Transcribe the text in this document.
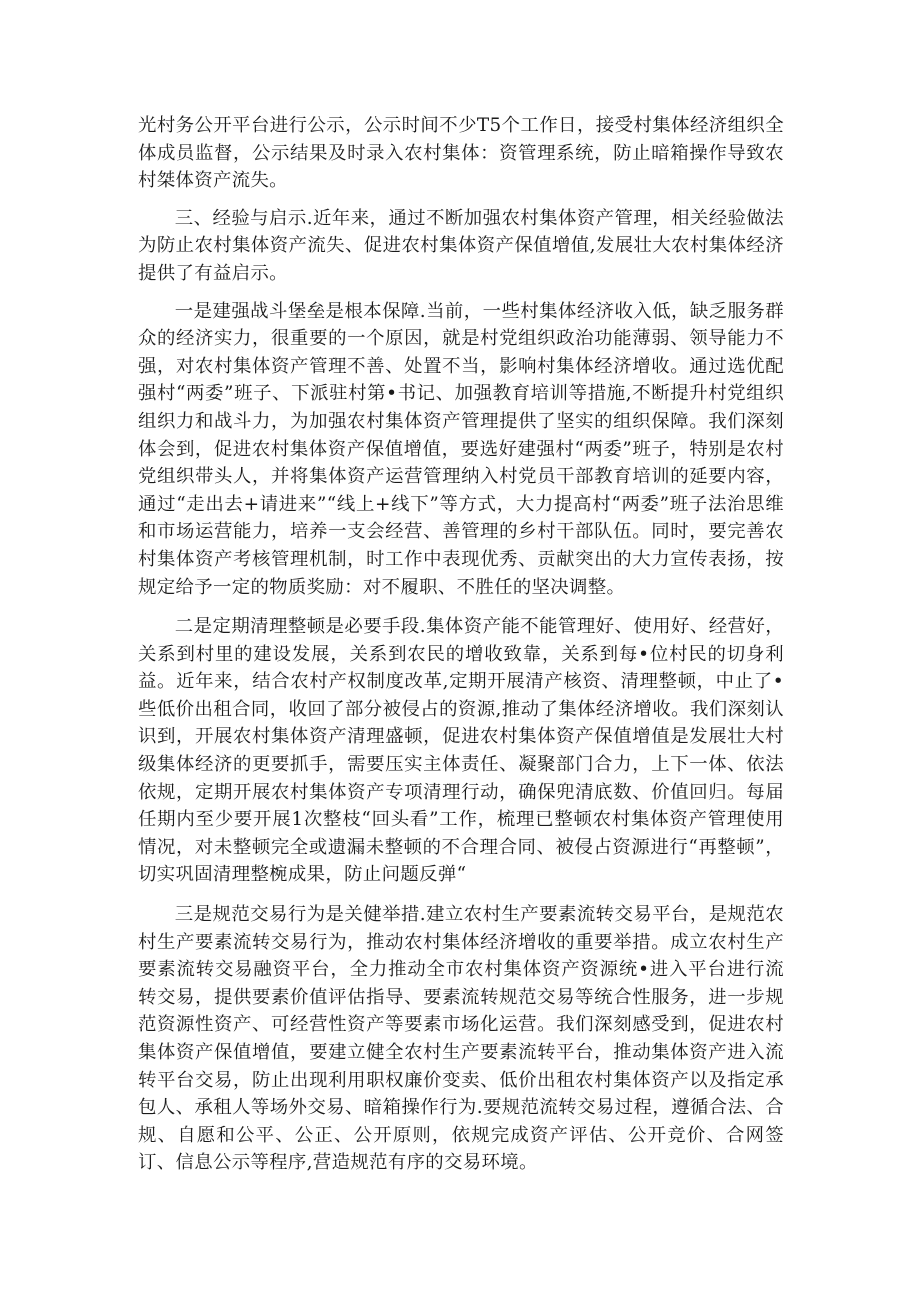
光村务公开平台进行公示，公示时间不少T5个工作日，接受村集体经济组织全体成员监督，公示结果及时录入农村集体：资管理系统，防止暗箱操作导致农村桀体资产流失。

三、经验与启示.近年来，通过不断加强农村集体资产管理，相关经验做法为防止农村集体资产流失、促进农村集体资产保值增值,发展壮大农村集体经济提供了有益启示。

一是建强战斗堡垒是根本保障.当前，一些村集体经济收入低，缺乏服务群众的经济实力，很重要的一个原因，就是村党组织政治功能薄弱、领导能力不强，对农村集体资产管理不善、处置不当，影响村集体经济增收。通过选优配强村“两委”班子、下派驻村第•书记、加强教育培训等措施,不断提升村党组织组织力和战斗力，为加强农村集体资产管理提供了坚实的组织保障。我们深刻体会到，促进农村集体资产保值增值，要选好建强村“两委”班子，特别是农村党组织带头人，并将集体资产运营管理纳入村党员干部教育培训的延要内容，通过“走出去+请进来”“线上+线下”等方式，大力提高村“两委”班子法治思维和市场运营能力，培养一支会经营、善管理的乡村干部队伍。同时，要完善农村集体资产考核管理机制，时工作中表现优秀、贡献突出的大力宣传表扬，按规定给予一定的物质奖励：对不履职、不胜任的坚决调整。

二是定期清理整顿是必要手段.集体资产能不能管理好、使用好、经营好，关系到村里的建设发展，关系到农民的增收致靠，关系到每•位村民的切身利益。近年来，结合农村产权制度改革,定期开展清产核资、清理整顿，中止了•些低价出租合同，收回了部分被侵占的资源,推动了集体经济增收。我们深刻认识到，开展农村集体资产清理盛顿，促进农村集体资产保值增值是发展壮大村级集体经济的更要抓手，需要压实主体责任、凝聚部门合力，上下一体、依法依规，定期开展农村集体资产专项清理行动，确保兜清底数、价值回归。每届任期内至少要开展1次整枝“回头看”工作，梳理已整顿农村集体资产管理使用情况，对未整顿完全或遗漏未整顿的不合理合同、被侵占资源进行“再整顿”，切实巩固清理整椀成果，防止问题反弹“

三是规范交易行为是关健举措.建立农村生产要素流转交易平台，是规范农村生产要素流转交易行为，推动农村集体经济增收的重要举措。成立农村生产要素流转交易融资平台，全力推动全市农村集体资产资源统•进入平台进行流转交易，提供要素价值评估指导、要素流转规范交易等统合性服务，进一步规范资源性资产、可经营性资产等要素市场化运营。我们深刻感受到，促进农村集体资产保值增值，要建立健全农村生产要素流转平台，推动集体资产进入流转平台交易，防止出现利用职权廉价变卖、低价出租农村集体资产以及指定承包人、承租人等场外交易、暗箱操作行为.要规范流转交易过程，遵循合法、合规、自愿和公平、公正、公开原则，依规完成资产评估、公开竞价、合网签订、信息公示等程序,营造规范有序的交易环境。
